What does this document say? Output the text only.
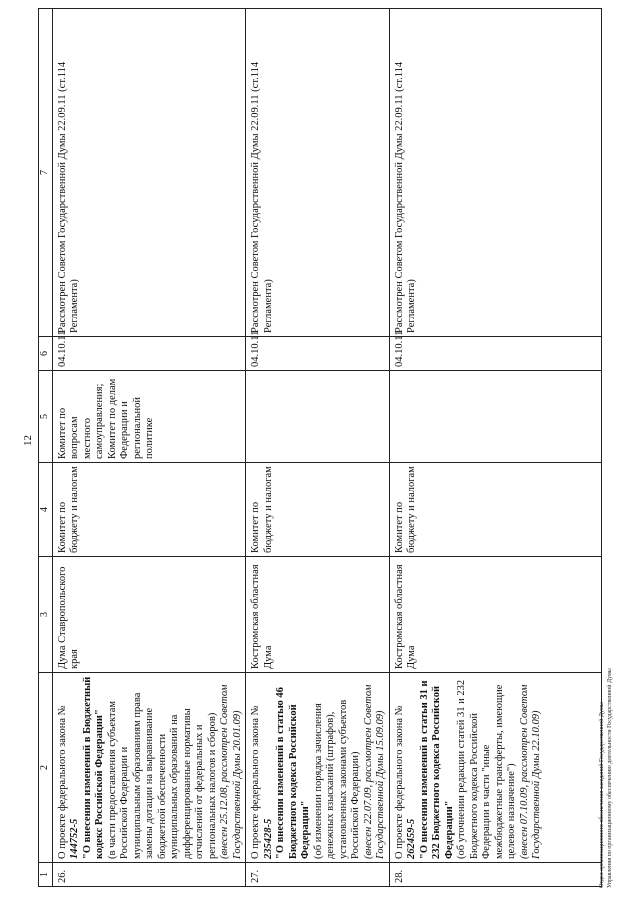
12
1	2	3	4	5	6	7
26.	О проекте федерального закона № 144752-5 "О внесении изменений в Бюджетный кодекс Российской Федерации" (в части предоставления субъектам Российской Федерации и муниципальным образованиям права замены дотации на выравнивание бюджетной обеспеченности муниципальных образований на дифференцированные нормативы отчислений от федеральных и региональных налогов и сборов) (внесен 25.12.08, рассмотрен Советом Государственной Думы 20.01.09)	Дума Ставропольского края	Комитет по бюджету и налогам	Комитет по вопросам местного самоуправления; Комитет по делам Федерации и региональной политике	04.10.11	Рассмотрен Советом Государственной Думы 22.09.11 (ст.114 Регламента)
27.	О проекте федерального закона № 235428-5 "О внесении изменений в статью 46 Бюджетного кодекса Российской Федерации" (об изменении порядка зачисления денежных взысканий (штрафов), установленных законами субъектов Российской Федерации) (внесен 22.07.09, рассмотрен Советом Государственной Думы 15.09.09)	Костромская областная Дума	Комитет по бюджету и налогам		04.10.11	Рассмотрен Советом Государственной Думы 22.09.11 (ст.114 Регламента)
28.	О проекте федерального закона № 262459-5 "О внесении изменений в статьи 31 и 232 Бюджетного кодекса Российской Федерации" (об уточнении редакции статей 31 и 232 Бюджетного кодекса Российской Федерации в части "иные межбюджетные трансферты, имеющие целевое назначение") (внесен 07.10.09, рассмотрен Советом Государственной Думы 22.10.09)	Костромская областная Дума	Комитет по бюджету и налогам		04.10.11	Рассмотрен Советом Государственной Думы 22.09.11 (ст.114 Регламента)
Отдел организационного обеспечения заседаний Государственной Думы Управления по организационному обеспечению деятельности Государственной Думы
